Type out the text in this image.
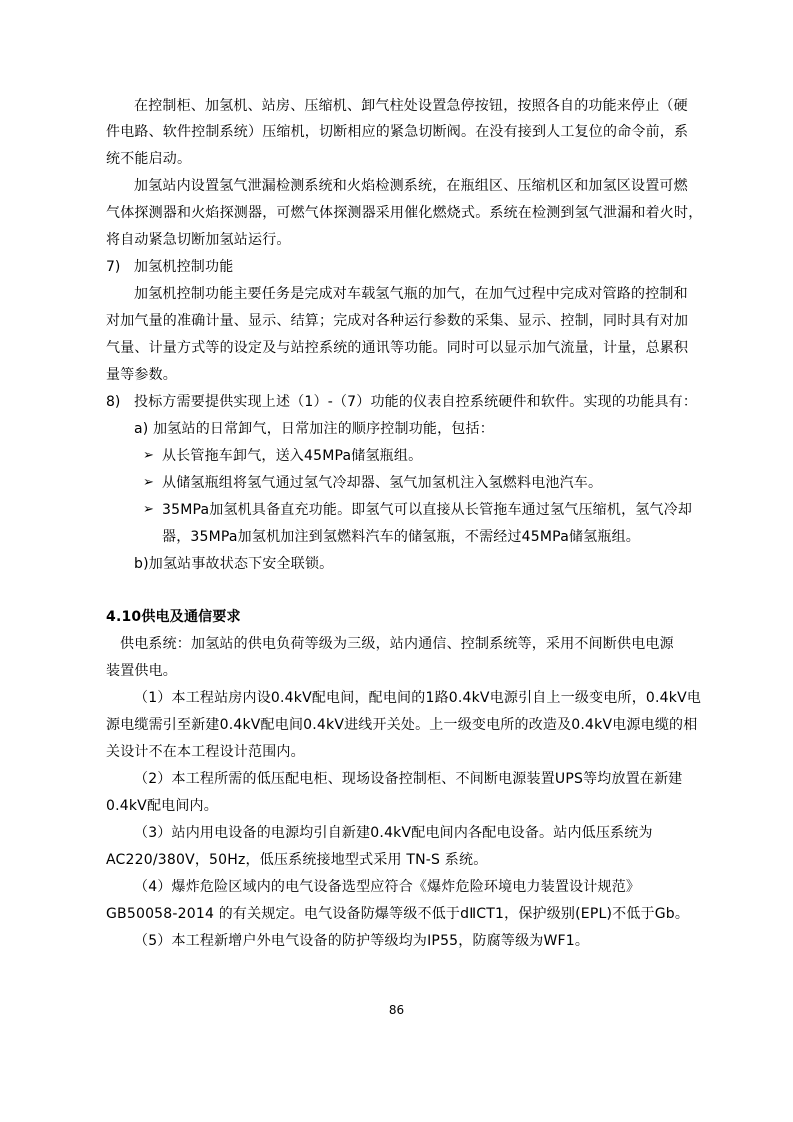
在控制柜、加氢机、站房、压缩机、卸气柱处设置急停按钮，按照各自的功能来停止（硬
件电路、软件控制系统）压缩机，切断相应的紧急切断阀。在没有接到人工复位的命令前，系
统不能启动。
加氢站内设置氢气泄漏检测系统和火焰检测系统，在瓶组区、压缩机区和加氢区设置可燃
气体探测器和火焰探测器，可燃气体探测器采用催化燃烧式。系统在检测到氢气泄漏和着火时，
将自动紧急切断加氢站运行。
7) 加氢机控制功能
加氢机控制功能主要任务是完成对车载氢气瓶的加气，在加气过程中完成对管路的控制和
对加气量的准确计量、显示、结算；完成对各种运行参数的采集、显示、控制，同时具有对加
气量、计量方式等的设定及与站控系统的通讯等功能。同时可以显示加气流量，计量，总累积
量等参数。
8) 投标方需要提供实现上述（1）-（7）功能的仪表自控系统硬件和软件。实现的功能具有：
a) 加氢站的日常卸气，日常加注的顺序控制功能，包括：
➢ 从长管拖车卸气，送入45MPa储氢瓶组。
➢ 从储氢瓶组将氢气通过氢气冷却器、氢气加氢机注入氢燃料电池汽车。
➢ 35MPa加氢机具备直充功能。即氢气可以直接从长管拖车通过氢气压缩机，氢气冷却
器，35MPa加氢机加注到氢燃料汽车的储氢瓶，不需经过45MPa储氢瓶组。
b)加氢站事故状态下安全联锁。
4.10供电及通信要求
供电系统：加氢站的供电负荷等级为三级，站内通信、控制系统等，采用不间断供电电源
装置供电。
（1）本工程站房内设0.4kV配电间，配电间的1路0.4kV电源引自上一级变电所，0.4kV电
源电缆需引至新建0.4kV配电间0.4kV进线开关处。上一级变电所的改造及0.4kV电源电缆的相
关设计不在本工程设计范围内。
（2）本工程所需的低压配电柜、现场设备控制柜、不间断电源装置UPS等均放置在新建
0.4kV配电间内。
（3）站内用电设备的电源均引自新建0.4kV配电间内各配电设备。站内低压系统为
AC220/380V，50Hz，低压系统接地型式采用 TN-S 系统。
（4）爆炸危险区域内的电气设备选型应符合《爆炸危险环境电力装置设计规范》
GB50058-2014 的有关规定。电气设备防爆等级不低于dⅡCT1，保护级别(EPL)不低于Gb。
（5）本工程新增户外电气设备的防护等级均为IP55，防腐等级为WF1。
86
